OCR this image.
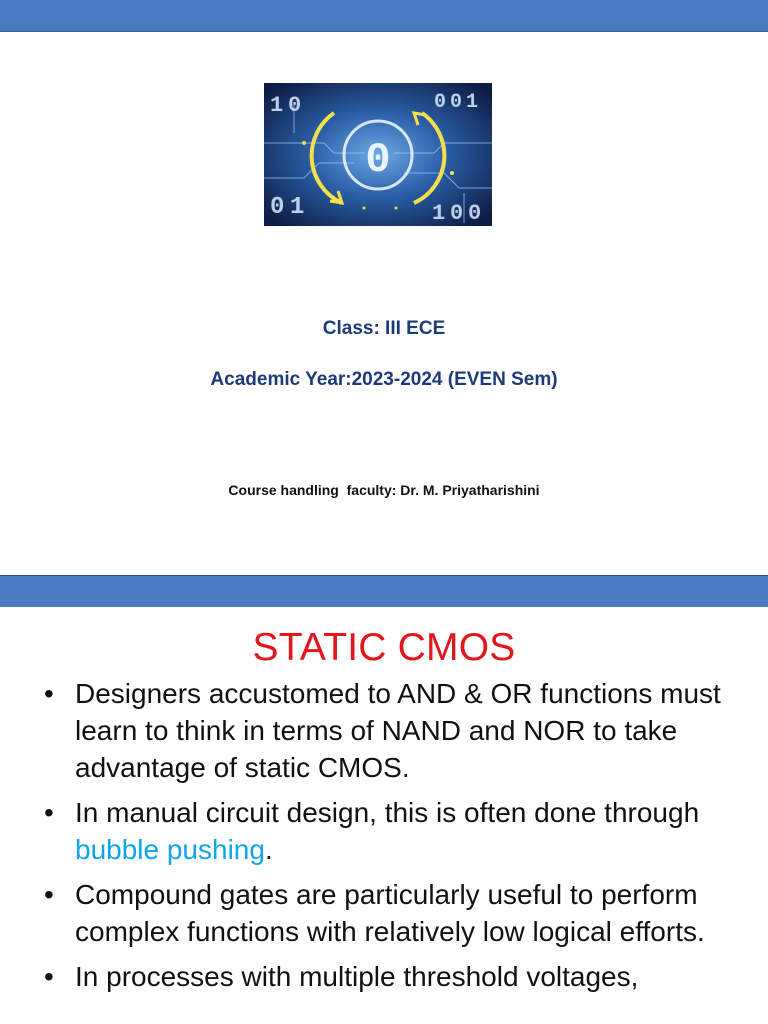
0
1 0
0 1
0 0 1
1 0 0
Class: III ECE
Academic Year:2023-2024 (EVEN Sem)
Course handling  faculty: Dr. M. Priyatharishini
STATIC CMOS
• Designers accustomed to AND & OR functions must learn to think in terms of NAND and NOR to take advantage of static CMOS.
• In manual circuit design, this is often done through bubble pushing.
• Compound gates are particularly useful to perform complex functions with relatively low logical efforts.
• In processes with multiple threshold voltages,
